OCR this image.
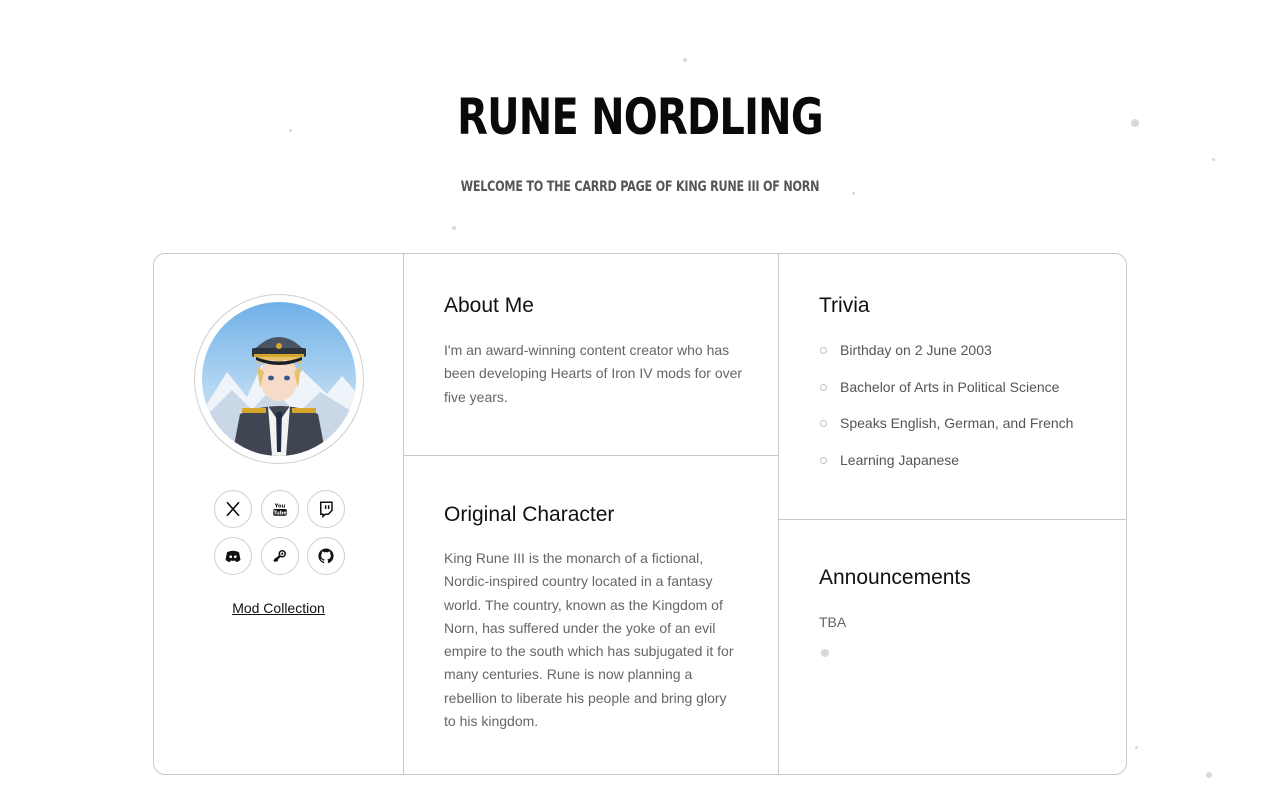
RUNE NORDLING

WELCOME TO THE CARRD PAGE OF KING RUNE III OF NORN

You
Tube
Mod Collection
About Me

I'm an award-winning content creator who has been developing Hearts of Iron IV mods for over five years.

Original Character

King Rune III is the monarch of a fictional, Nordic-inspired country located in a fantasy world. The country, known as the Kingdom of Norn, has suffered under the yoke of an evil empire to the south which has subjugated it for many centuries. Rune is now planning a rebellion to liberate his people and bring glory to his kingdom.

Trivia
Birthday on 2 June 2003
Bachelor of Arts in Political Science
Speaks English, German, and French
Learning Japanese
Announcements

TBA
